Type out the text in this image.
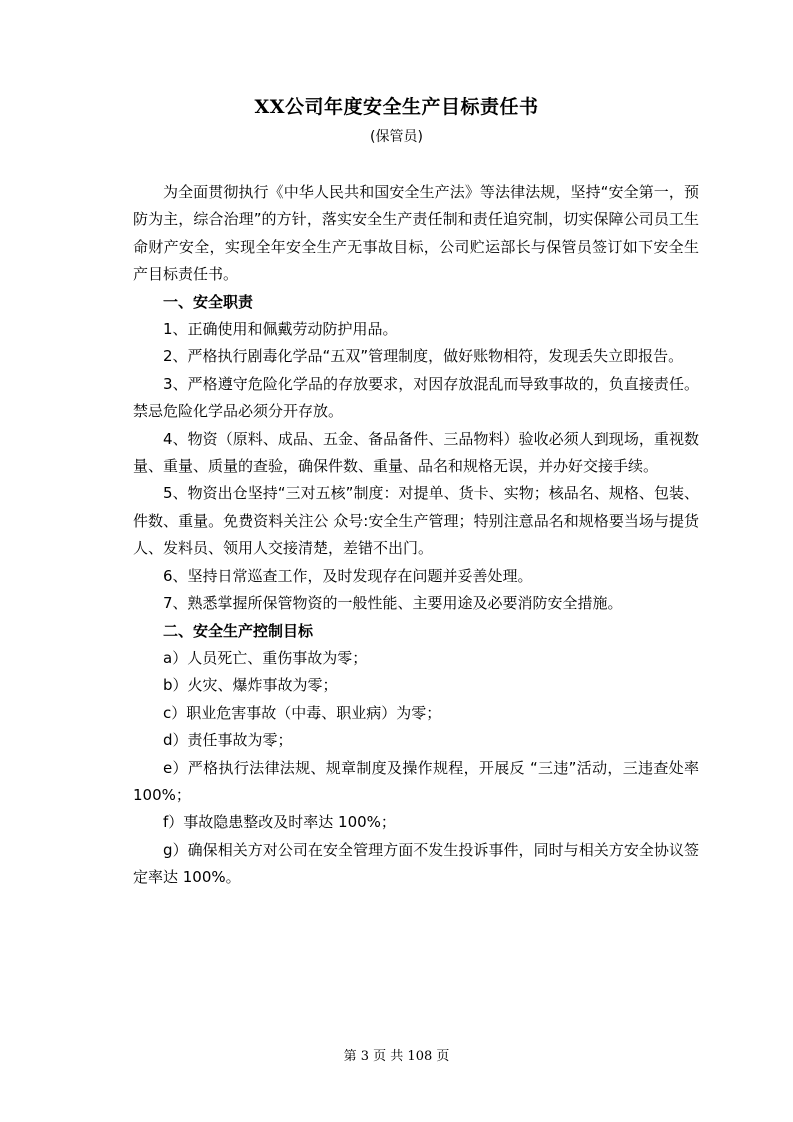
XX公司年度安全生产目标责任书
(保管员)

为全面贯彻执行《中华人民共和国安全生产法》等法律法规，坚持“安全第一，预防为主，综合治理”的方针，落实安全生产责任制和责任追究制，切实保障公司员工生命财产安全，实现全年安全生产无事故目标，公司贮运部长与保管员签订如下安全生产目标责任书。

一、安全职责

1、正确使用和佩戴劳动防护用品。

2、严格执行剧毒化学品“五双”管理制度，做好账物相符，发现丢失立即报告。

3、严格遵守危险化学品的存放要求，对因存放混乱而导致事故的，负直接责任。禁忌危险化学品必须分开存放。

4、物资（原料、成品、五金、备品备件、三品物料）验收必须人到现场，重视数量、重量、质量的查验，确保件数、重量、品名和规格无误，并办好交接手续。

5、物资出仓坚持“三对五核”制度：对提单、货卡、实物；核品名、规格、包装、件数、重量。免费资料关注公 众号:安全生产管理；特别注意品名和规格要当场与提货人、发料员、领用人交接清楚，差错不出门。

6、坚持日常巡查工作，及时发现存在问题并妥善处理。

7、熟悉掌握所保管物资的一般性能、主要用途及必要消防安全措施。

二、安全生产控制目标

a）人员死亡、重伤事故为零；

b）火灾、爆炸事故为零；

c）职业危害事故（中毒、职业病）为零；

d）责任事故为零；

e）严格执行法律法规、规章制度及操作规程，开展反 “三违”活动，三违查处率 100%；

f）事故隐患整改及时率达 100%；

g）确保相关方对公司在安全管理方面不发生投诉事件，同时与相关方安全协议签定率达 100%。

第 3 页 共 108 页
